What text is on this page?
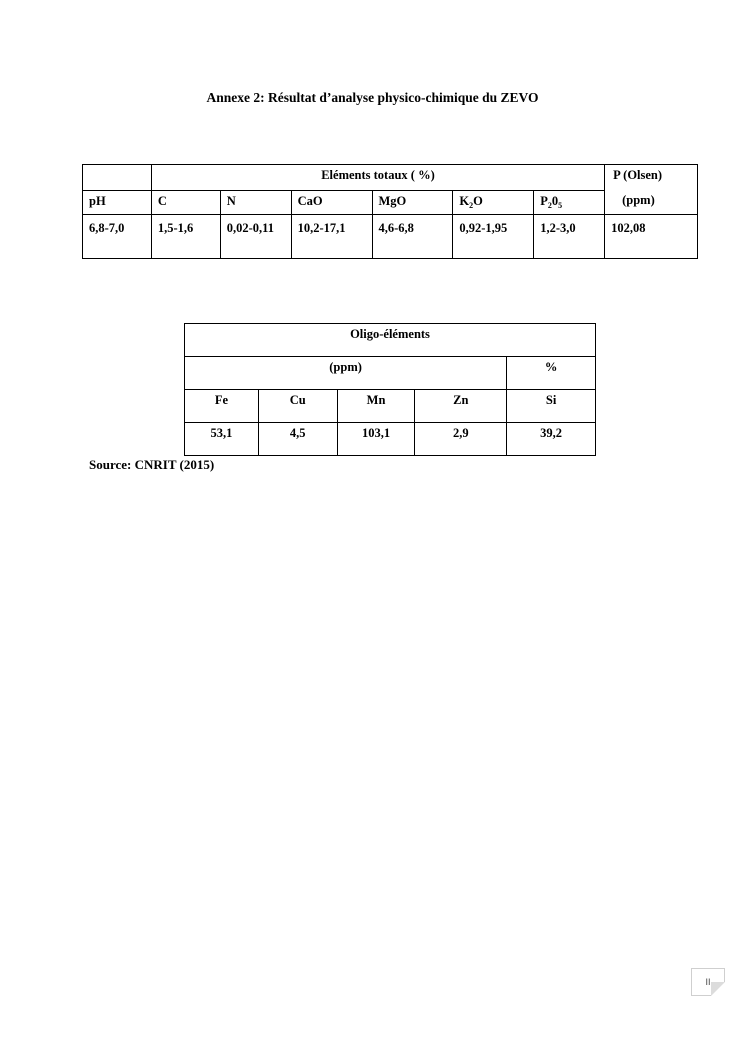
Annexe 2: Résultat d’analyse physico-chimique du ZEVO
	Eléments totaux ( %)						P (Olsen)
(ppm)

pH	C	N	CaO	MgO	$K_2O$	$P_20_5$
6,8-7,0	1,5-1,6	0,02-0,11	10,2-17,1	4,6-6,8	0,92-1,95	1,2-3,0	102,08
Oligo-éléments				
(ppm)				%
Fe	Cu	Mn	Zn	Si
53,1	4,5	103,1	2,9	39,2
Source: CNRIT (2015)
II
